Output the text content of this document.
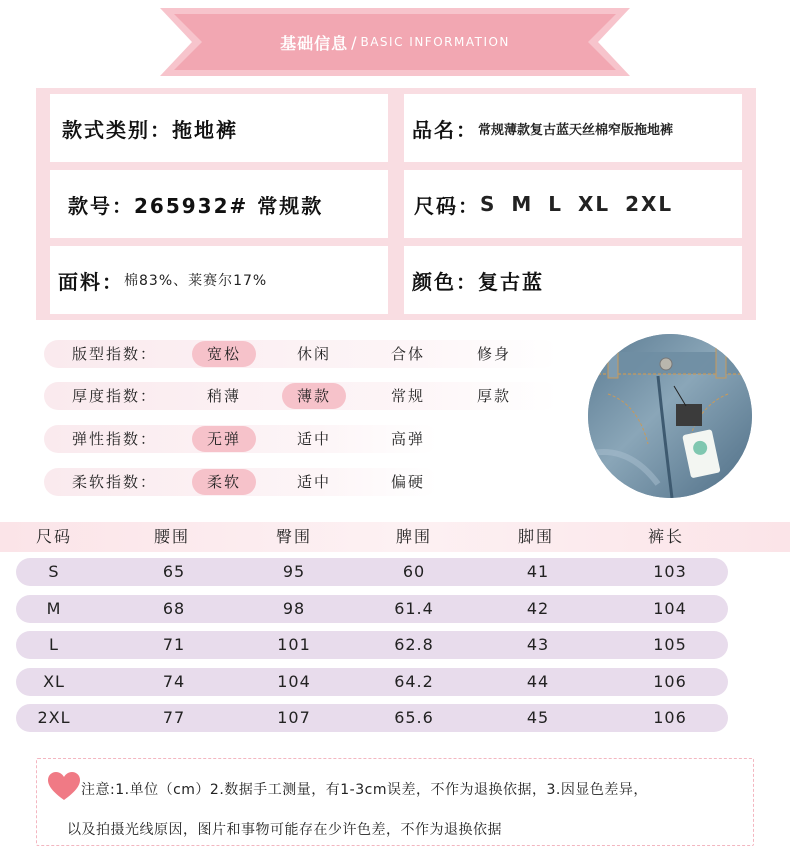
基础信息 / BASIC INFORMATION
款式类别： 拖地裤	品名： 常规薄款复古蓝天丝棉窄版拖地裤
款号： 265932# 常规款	尺码： S M L XL 2XL
面料： 棉83%、莱赛尔17%	颜色： 复古蓝
版型指数：	宽松	休闲	合体	修身
厚度指数：	稍薄	薄款	常规	厚款
弹性指数：	无弹	适中	高弹
柔软指数：	柔软	适中	偏硬
尺码	腰围	臀围	脾围	脚围	裤长
S	65	95	60	41	103
M	68	98	61.4	42	104
L	71	101	62.8	43	105
XL	74	104	64.2	44	106
2XL	77	107	65.6	45	106
注意:1.单位（cm）2.数据手工测量，有1-3cm误差，不作为退换依据，3.因显色差异，
以及拍摄光线原因，图片和事物可能存在少许色差，不作为退换依据
